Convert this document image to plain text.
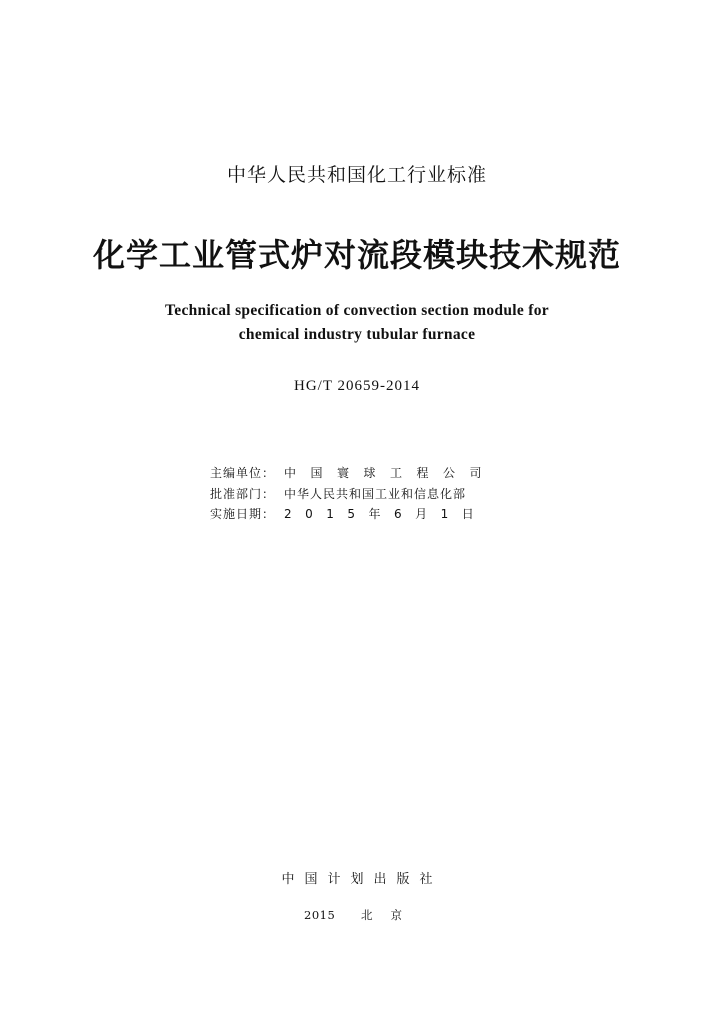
中华人民共和国化工行业标准
化学工业管式炉对流段模块技术规范
Technical specification of convection section module for
chemical industry tubular furnace
HG/T 20659-2014
主编单位： 中国寰球工程公司
批准部门： 中华人民共和国工业和信息化部
实施日期： 2015年6月1日
中国计划出版社
2015 北京
